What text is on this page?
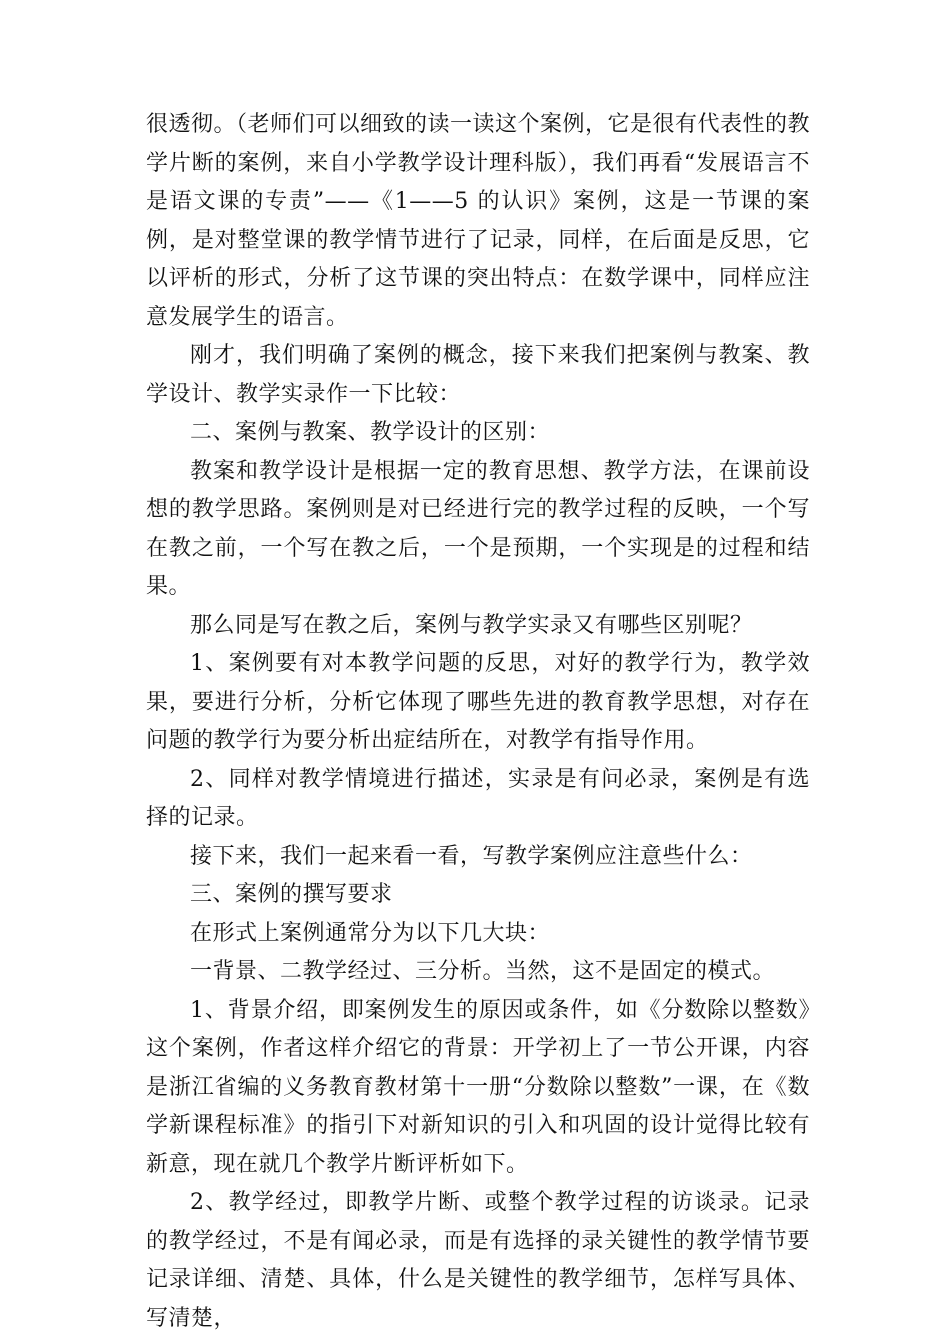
很透彻。（老师们可以细致的读一读这个案例，它是很有代表性的教学片断的案例，来自小学教学设计理科版），我们再看“发展语言不是语文课的专责”——《1——5 的认识》案例，这是一节课的案例，是对整堂课的教学情节进行了记录，同样，在后面是反思，它以评析的形式，分析了这节课的突出特点：在数学课中，同样应注意发展学生的语言。

刚才，我们明确了案例的概念，接下来我们把案例与教案、教学设计、教学实录作一下比较：

二、案例与教案、教学设计的区别：

教案和教学设计是根据一定的教育思想、教学方法，在课前设想的教学思路。案例则是对已经进行完的教学过程的反映，一个写在教之前，一个写在教之后，一个是预期，一个实现是的过程和结果。

那么同是写在教之后，案例与教学实录又有哪些区别呢？

1、案例要有对本教学问题的反思，对好的教学行为，教学效果，要进行分析，分析它体现了哪些先进的教育教学思想，对存在问题的教学行为要分析出症结所在，对教学有指导作用。

2、同样对教学情境进行描述，实录是有问必录，案例是有选择的记录。

接下来，我们一起来看一看，写教学案例应注意些什么：

三、案例的撰写要求

在形式上案例通常分为以下几大块：

一背景、二教学经过、三分析。当然，这不是固定的模式。

1、背景介绍，即案例发生的原因或条件，如《分数除以整数》这个案例，作者这样介绍它的背景：开学初上了一节公开课，内容是浙江省编的义务教育教材第十一册“分数除以整数”一课，在《数学新课程标准》的指引下对新知识的引入和巩固的设计觉得比较有新意，现在就几个教学片断评析如下。

2、教学经过，即教学片断、或整个教学过程的访谈录。记录的教学经过，不是有闻必录，而是有选择的录关键性的教学情节要记录详细、清楚、具体，什么是关键性的教学细节，怎样写具体、写清楚，
